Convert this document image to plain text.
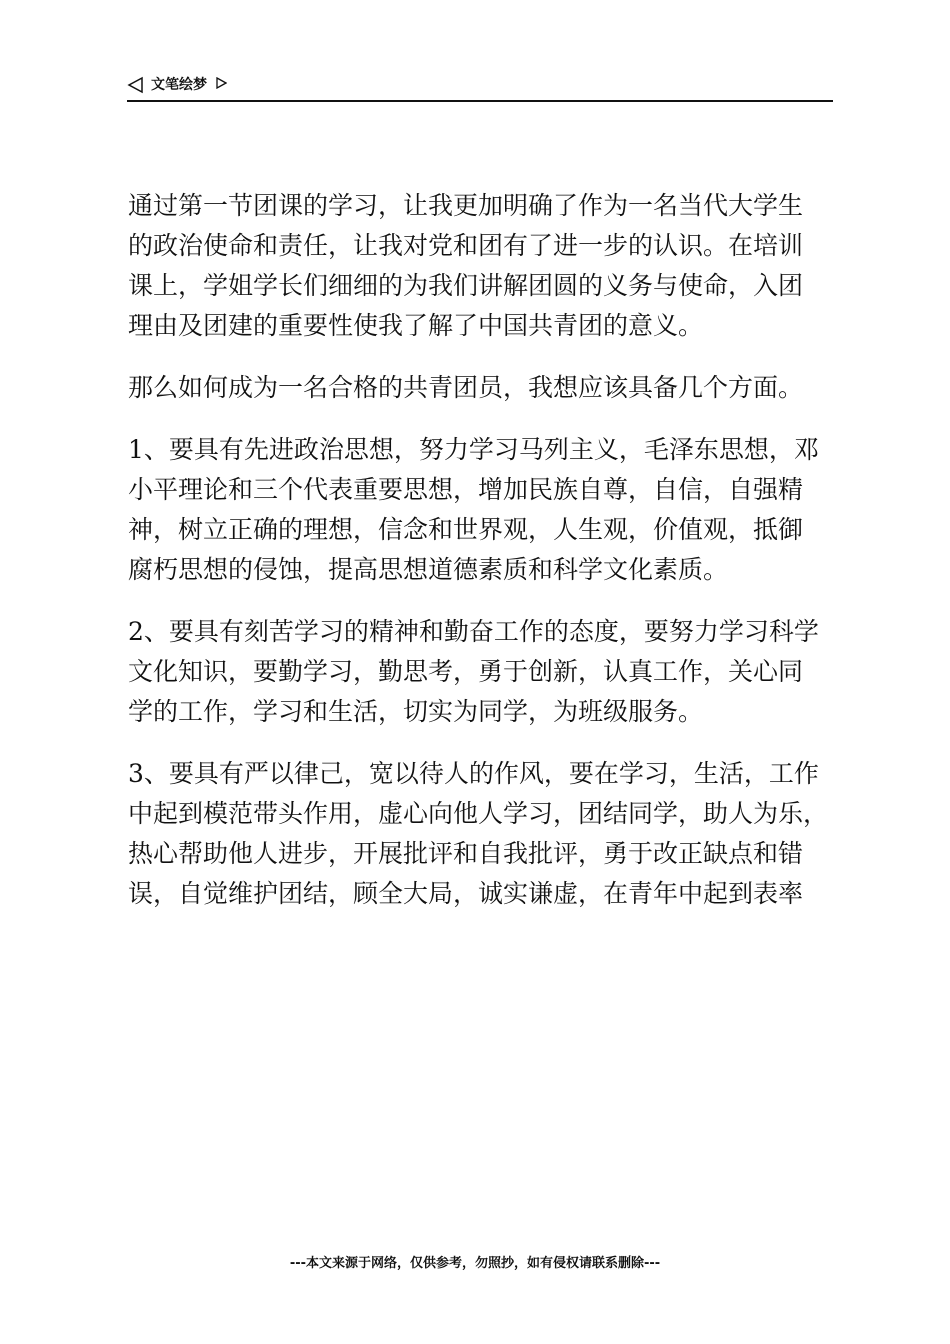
文笔绘梦
通过第一节团课的学习，让我更加明确了作为一名当代大学生
的政治使命和责任，让我对党和团有了进一步的认识。在培训
课上，学姐学长们细细的为我们讲解团圆的义务与使命，入团
理由及团建的重要性使我了解了中国共青团的意义。
那么如何成为一名合格的共青团员，我想应该具备几个方面。
1、要具有先进政治思想，努力学习马列主义，毛泽东思想，邓
小平理论和三个代表重要思想，增加民族自尊，自信，自强精
神，树立正确的理想，信念和世界观，人生观，价值观，抵御
腐朽思想的侵蚀，提高思想道德素质和科学文化素质。
2、要具有刻苦学习的精神和勤奋工作的态度，要努力学习科学
文化知识，要勤学习，勤思考，勇于创新，认真工作，关心同
学的工作，学习和生活，切实为同学，为班级服务。
3、要具有严以律己，宽以待人的作风，要在学习，生活，工作
中起到模范带头作用，虚心向他人学习，团结同学，助人为乐，
热心帮助他人进步，开展批评和自我批评，勇于改正缺点和错
误，自觉维护团结，顾全大局，诚实谦虚，在青年中起到表率
---本文来源于网络，仅供参考，勿照抄，如有侵权请联系删除---
